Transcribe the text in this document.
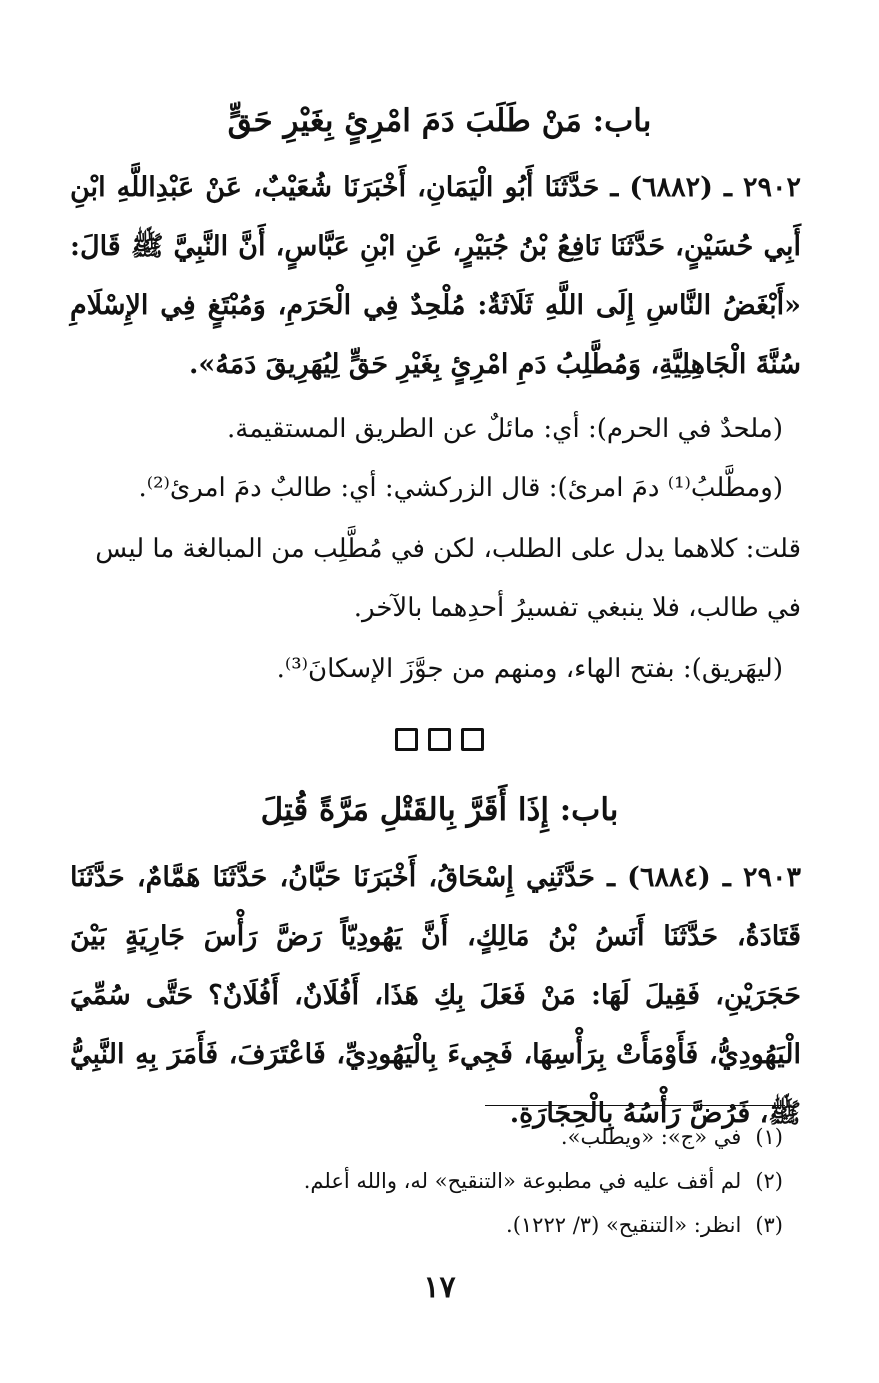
باب: مَنْ طَلَبَ دَمَ امْرِئٍ بِغَيْرِ حَقٍّ
٢٩٠٢ ـ (٦٨٨٢) ـ حَدَّثَنَا أَبُو الْيَمَانِ، أَخْبَرَنَا شُعَيْبٌ، عَنْ عَبْدِاللَّهِ ابْنِ أَبِي حُسَيْنٍ، حَدَّثَنَا نَافِعُ بْنُ جُبَيْرٍ، عَنِ ابْنِ عَبَّاسٍ، أَنَّ النَّبِيَّ ﷺ قَالَ: «أَبْغَضُ النَّاسِ إِلَى اللَّهِ ثَلَاثَةٌ: مُلْحِدٌ فِي الْحَرَمِ، وَمُبْتَغٍ فِي الإِسْلَامِ سُنَّةَ الْجَاهِلِيَّةِ، وَمُطَّلِبُ دَمِ امْرِئٍ بِغَيْرِ حَقٍّ لِيُهَرِيقَ دَمَهُ».
(ملحدٌ في الحرم): أي: مائلٌ عن الطريق المستقيمة.
(ومطَّلبُ⁽¹⁾ دمَ امرئ): قال الزركشي: أي: طالبٌ دمَ امرئ⁽²⁾.
قلت: كلاهما يدل على الطلب، لكن في مُطَّلِب من المبالغة ما ليس في طالب، فلا ينبغي تفسيرُ أحدِهما بالآخر.
(ليهَريق): بفتح الهاء، ومنهم من جوَّزَ الإسكانَ⁽³⁾.
باب: إِذَا أَقَرَّ بِالقَتْلِ مَرَّةً قُتِلَ
٢٩٠٣ ـ (٦٨٨٤) ـ حَدَّثَنِي إِسْحَاقُ، أَخْبَرَنَا حَبَّانُ، حَدَّثَنَا هَمَّامٌ، حَدَّثَنَا قَتَادَةُ، حَدَّثَنَا أَنَسُ بْنُ مَالِكٍ، أَنَّ يَهُودِيّاً رَضَّ رَأْسَ جَارِيَةٍ بَيْنَ حَجَرَيْنِ، فَقِيلَ لَهَا: مَنْ فَعَلَ بِكِ هَذَا، أَفُلَانٌ، أَفُلَانٌ؟ حَتَّى سُمِّيَ الْيَهُودِيُّ، فَأَوْمَأَتْ بِرَأْسِهَا، فَجِيءَ بِالْيَهُودِيِّ، فَاعْتَرَفَ، فَأَمَرَ بِهِ النَّبِيُّ ﷺ، فَرُضَّ رَأْسُهُ بِالْحِجَارَةِ.
(١)في «ج»: «ويطلب».
(٢)لم أقف عليه في مطبوعة «التنقيح» له، والله أعلم.
(٣)انظر: «التنقيح» (٣/ ١٢٢٢).
١٧
